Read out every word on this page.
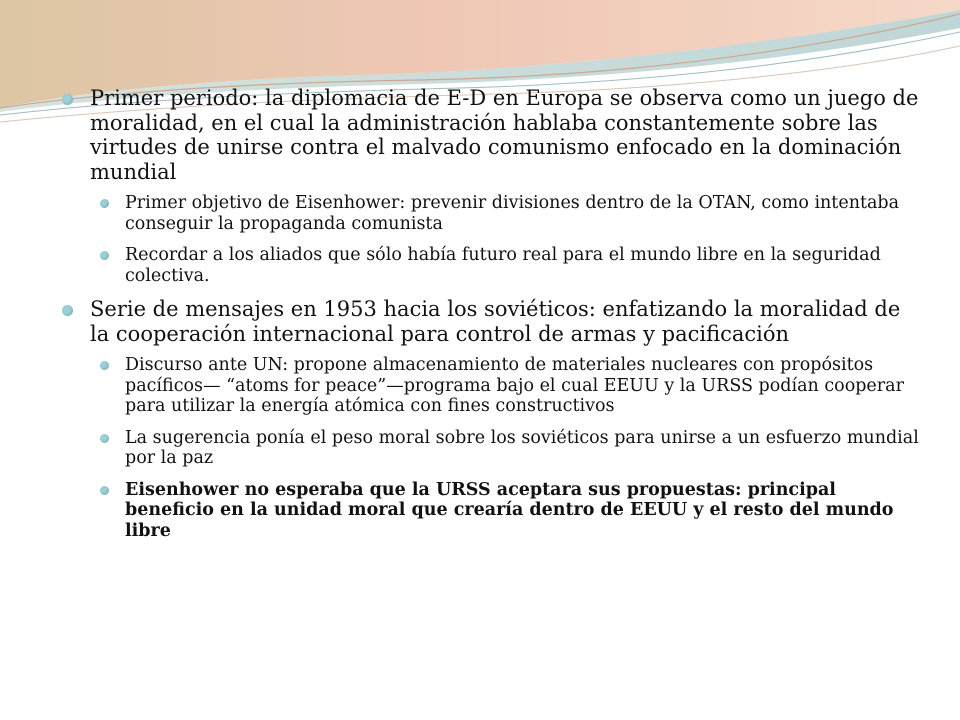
Primer periodo: la diplomacia de E-D en Europa se observa como un juego de moralidad, en el cual la administración hablaba constantemente sobre las virtudes de unirse contra el malvado comunismo enfocado en la dominación mundial
Primer objetivo de Eisenhower: prevenir divisiones dentro de la OTAN, como intentaba conseguir la propaganda comunista
Recordar a los aliados que sólo había futuro real para el mundo libre en la seguridad colectiva.
Serie de mensajes en 1953 hacia los soviéticos: enfatizando la moralidad de la cooperación internacional para control de armas y pacificación
Discurso ante UN: propone almacenamiento de materiales nucleares con propósitos pacíficos— “atoms for peace”—programa bajo el cual EEUU y la URSS podían cooperar para utilizar la energía atómica con fines constructivos
La sugerencia ponía el peso moral sobre los soviéticos para unirse a un esfuerzo mundial por la paz
Eisenhower no esperaba que la URSS aceptara sus propuestas: principal beneficio en la unidad moral que crearía dentro de EEUU y el resto del mundo libre
